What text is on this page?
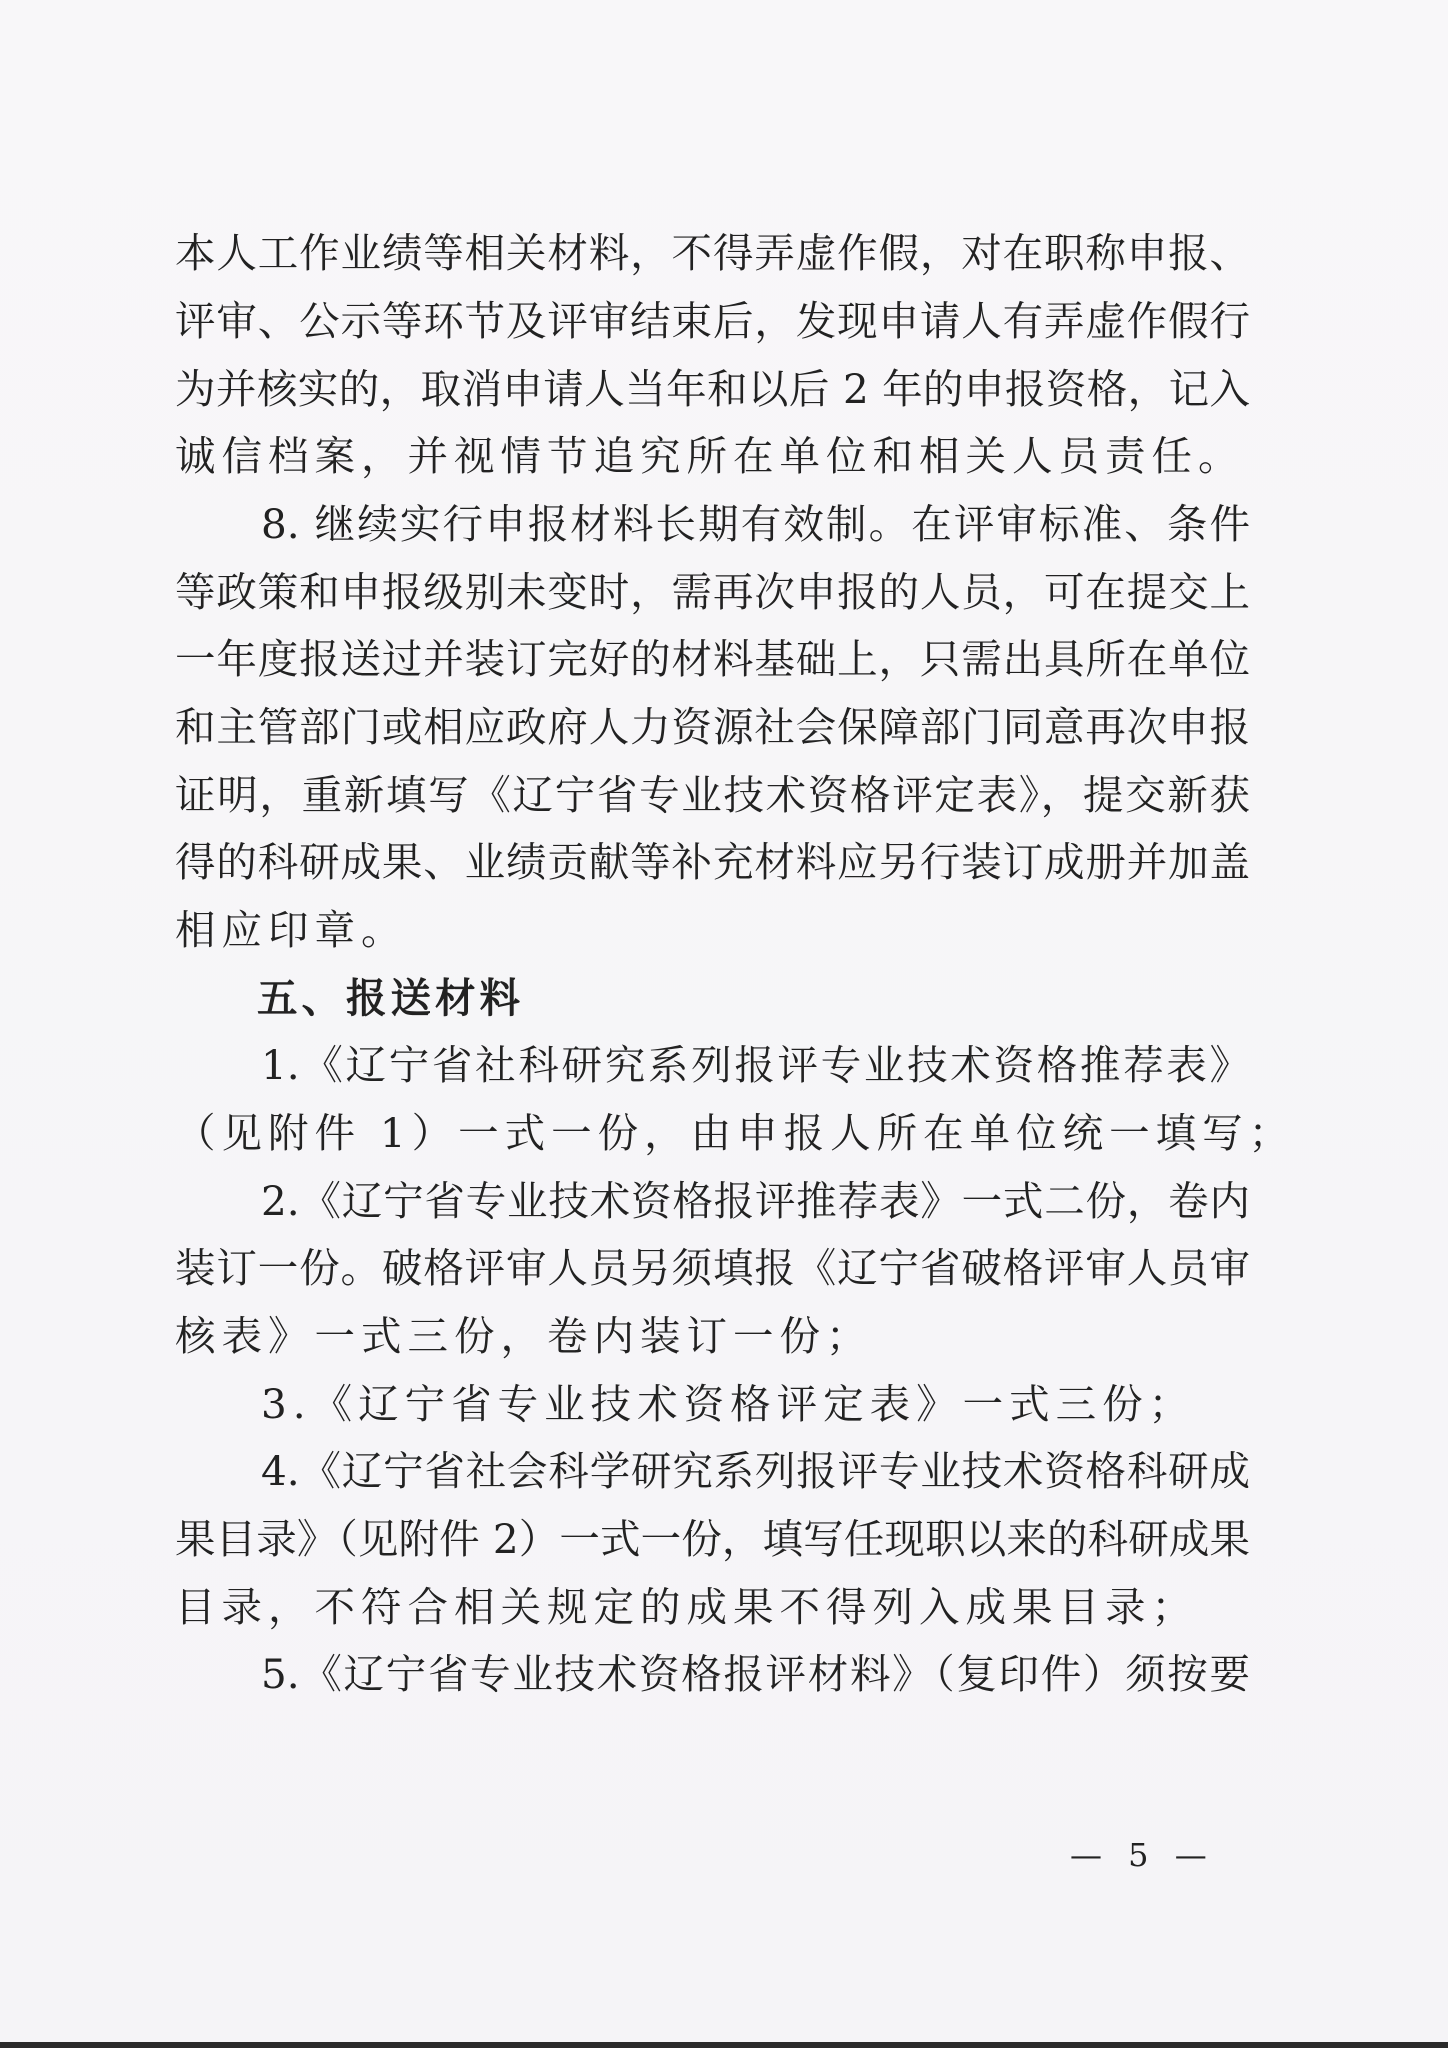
本人工作业绩等相关材料，不得弄虚作假，对在职称申报、
评审、公示等环节及评审结束后，发现申请人有弄虚作假行
为并核实的，取消申请人当年和以后 2 年的申报资格，记入
诚信档案，并视情节追究所在单位和相关人员责任。
8. 继续实行申报材料长期有效制。在评审标准、条件
等政策和申报级别未变时，需再次申报的人员，可在提交上
一年度报送过并装订完好的材料基础上，只需出具所在单位
和主管部门或相应政府人力资源社会保障部门同意再次申报
证明，重新填写《辽宁省专业技术资格评定表》，提交新获
得的科研成果、业绩贡献等补充材料应另行装订成册并加盖
相应印章。
五、报送材料
1.《辽宁省社科研究系列报评专业技术资格推荐表》
（见附件 1）一式一份，由申报人所在单位统一填写；
2.《辽宁省专业技术资格报评推荐表》一式二份，卷内
装订一份。破格评审人员另须填报《辽宁省破格评审人员审
核表》一式三份，卷内装订一份；
3.《辽宁省专业技术资格评定表》一式三份；
4.《辽宁省社会科学研究系列报评专业技术资格科研成
果目录》（见附件 2）一式一份，填写任现职以来的科研成果
目录，不符合相关规定的成果不得列入成果目录；
5.《辽宁省专业技术资格报评材料》（复印件）须按要
— 5 —
